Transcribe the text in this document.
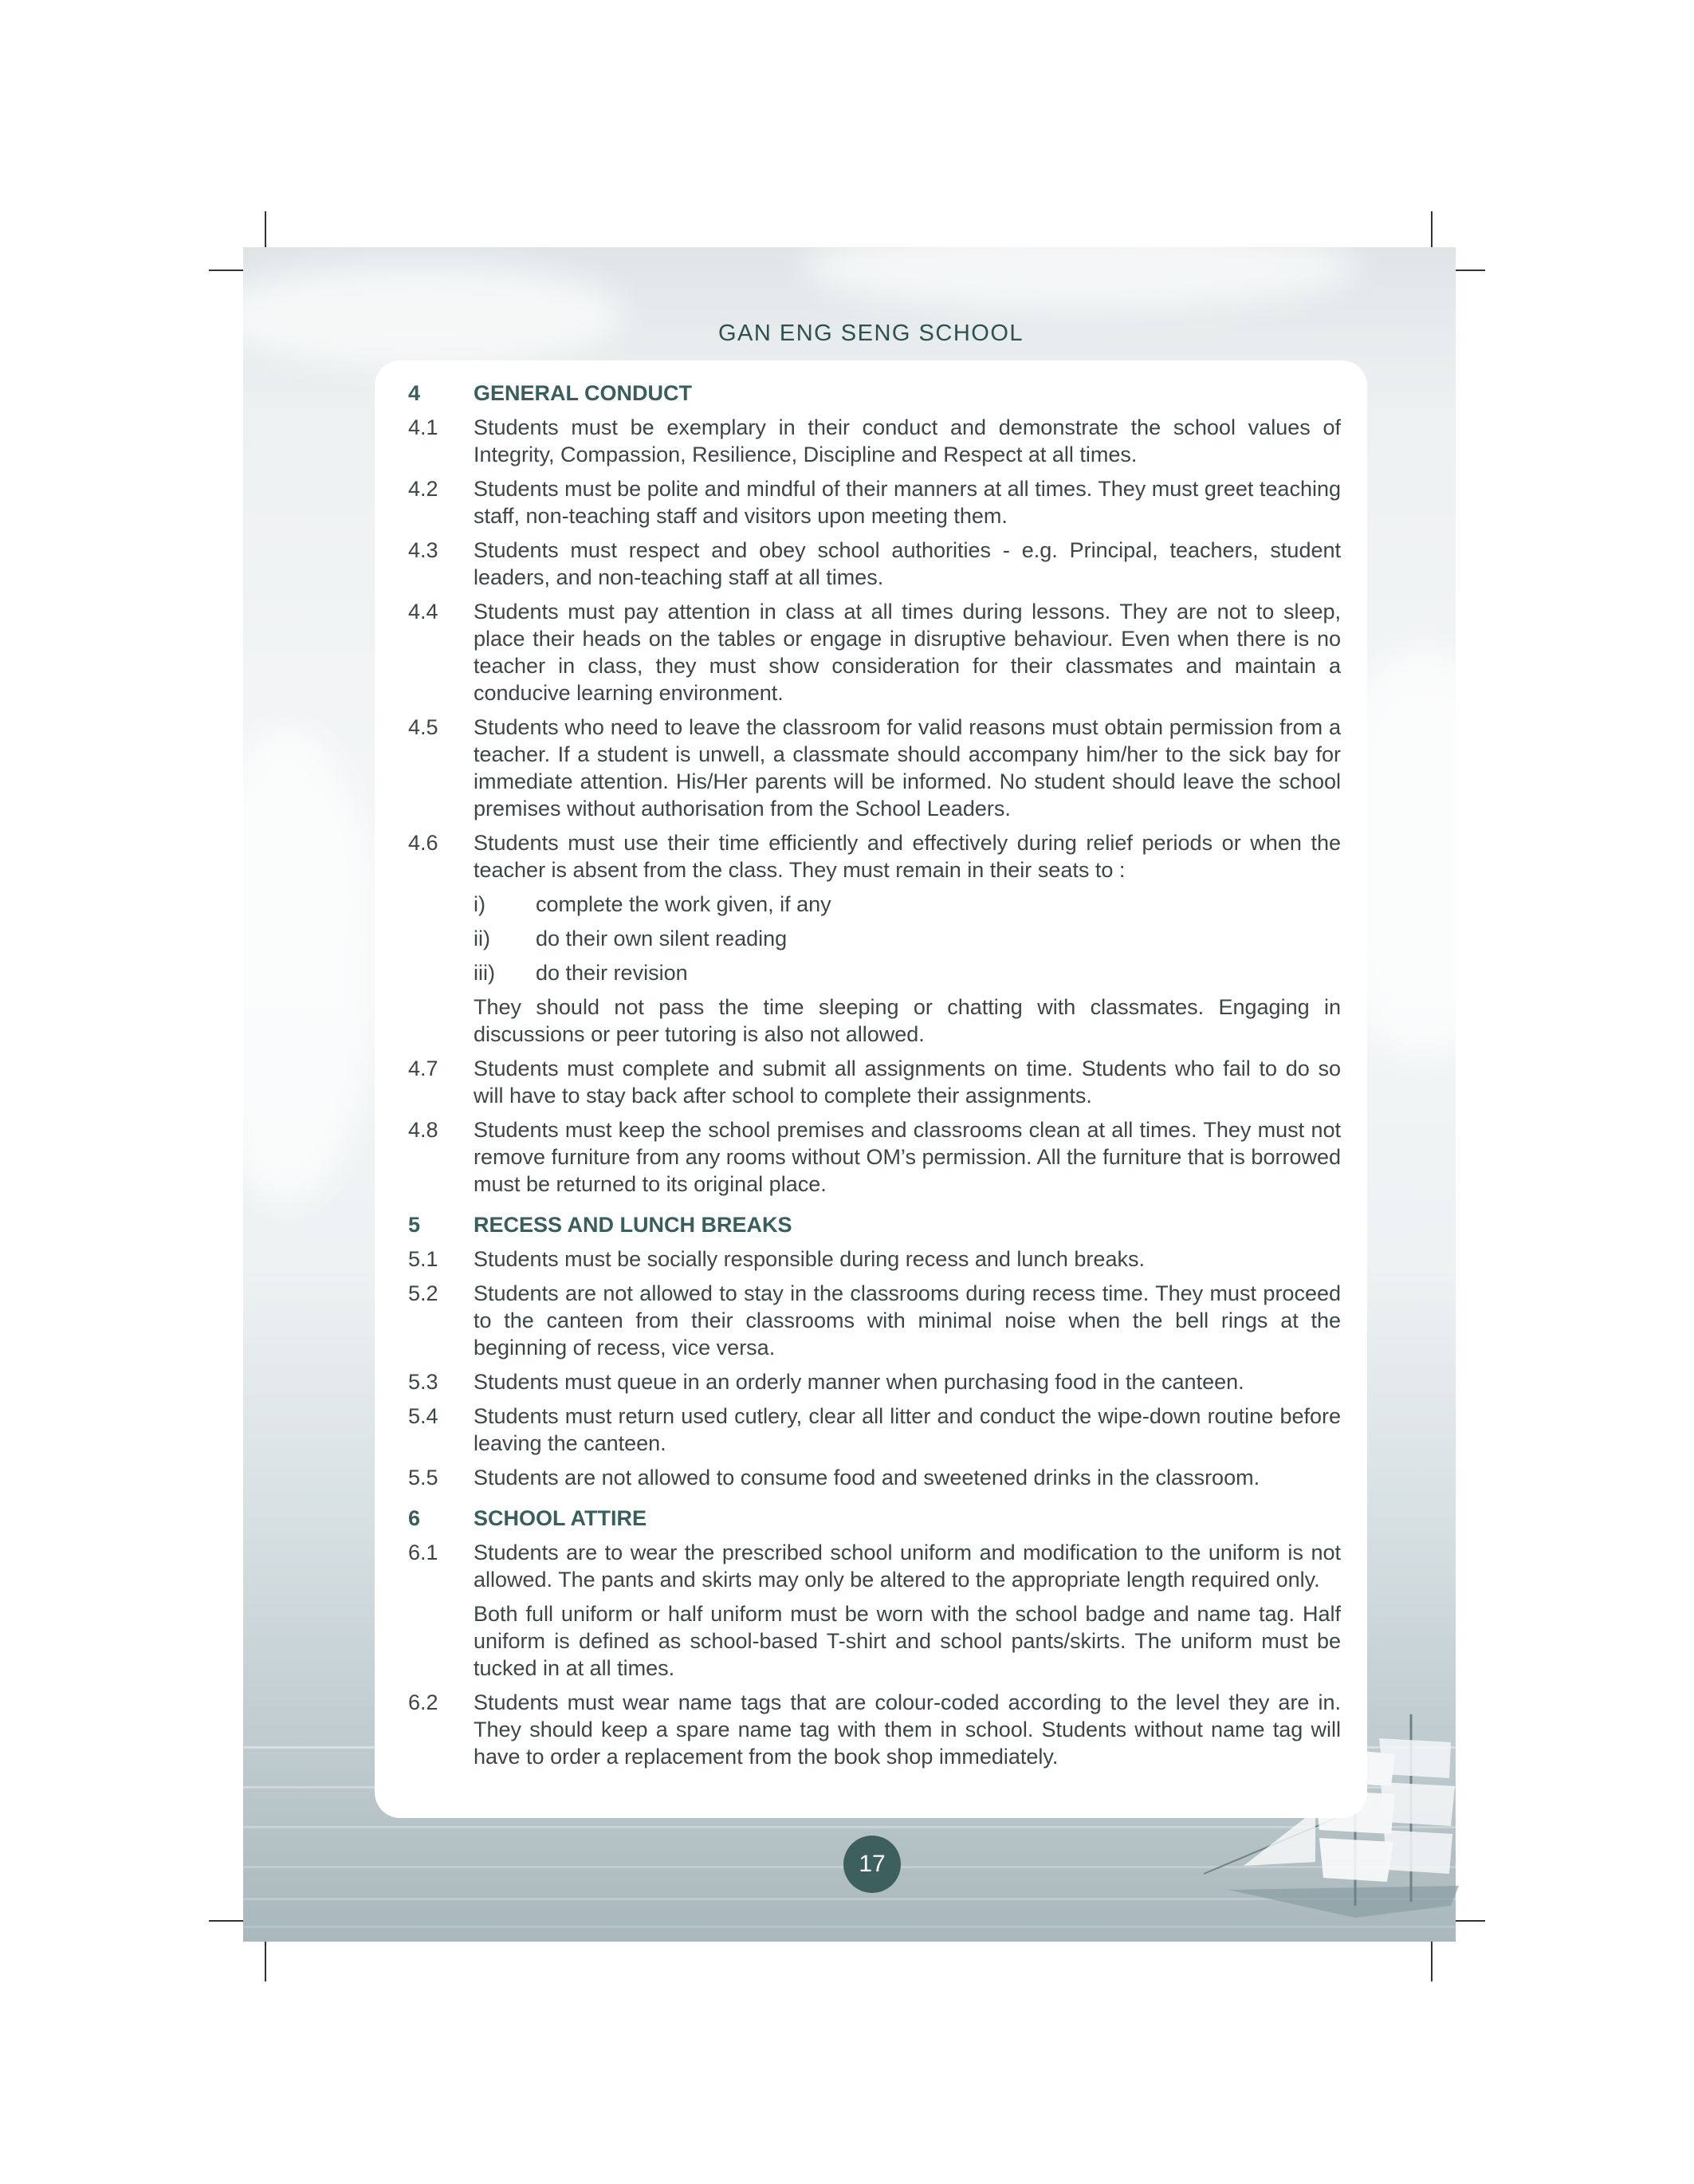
GAN ENG SENG SCHOOL
4	GENERAL CONDUCT
4.1	Students must be exemplary in their conduct and demonstrate the school values of Integrity, Compassion, Resilience, Discipline and Respect at all times.
4.2	Students must be polite and mindful of their manners at all times. They must greet teaching staff, non-teaching staff and visitors upon meeting them.
4.3	Students must respect and obey school authorities - e.g. Principal, teachers, student leaders, and non-teaching staff at all times.
4.4	Students must pay attention in class at all times during lessons. They are not to sleep, place their heads on the tables or engage in disruptive behaviour. Even when there is no teacher in class, they must show consideration for their classmates and maintain a conducive learning environment.
4.5	Students who need to leave the classroom for valid reasons must obtain permission from a teacher. If a student is unwell, a classmate should accompany him/her to the sick bay for immediate attention. His/Her parents will be informed. No student should leave the school premises without authorisation from the School Leaders.
4.6	Students must use their time efficiently and effectively during relief periods or when the teacher is absent from the class. They must remain in their seats to :
i)	complete the work given, if any
ii)	do their own silent reading
iii)	do their revision
They should not pass the time sleeping or chatting with classmates. Engaging in discussions or peer tutoring is also not allowed.
4.7	Students must complete and submit all assignments on time. Students who fail to do so will have to stay back after school to complete their assignments.
4.8	Students must keep the school premises and classrooms clean at all times. They must not remove furniture from any rooms without OM’s permission. All the furniture that is borrowed must be returned to its original place.
5	RECESS AND LUNCH BREAKS
5.1	Students must be socially responsible during recess and lunch breaks.
5.2	Students are not allowed to stay in the classrooms during recess time. They must proceed to the canteen from their classrooms with minimal noise when the bell rings at the beginning of recess, vice versa.
5.3	Students must queue in an orderly manner when purchasing food in the canteen.
5.4	Students must return used cutlery, clear all litter and conduct the wipe-down routine before leaving the canteen.
5.5	Students are not allowed to consume food and sweetened drinks in the classroom.
6	SCHOOL ATTIRE
6.1	Students are to wear the prescribed school uniform and modification to the uniform is not allowed. The pants and skirts may only be altered to the appropriate length required only.
Both full uniform or half uniform must be worn with the school badge and name tag. Half uniform is defined as school-based T-shirt and school pants/skirts. The uniform must be tucked in at all times.
6.2	Students must wear name tags that are colour-coded according to the level they are in. They should keep a spare name tag with them in school. Students without name tag will have to order a replacement from the book shop immediately.
17
